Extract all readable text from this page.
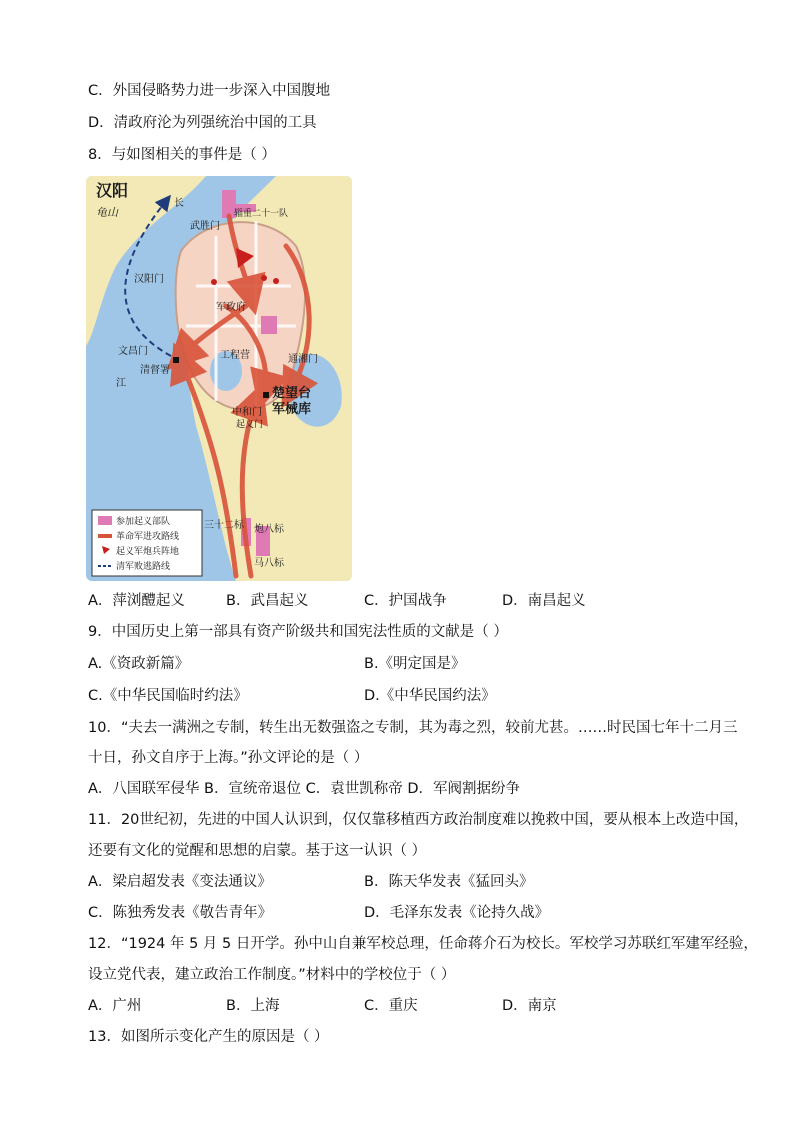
C．外国侵略势力进一步深入中国腹地
D．清政府沦为列强统治中国的工具
8．与如图相关的事件是（ ）
汉阳
龟山
长
江
辎重二十一队
武胜门
汉阳门
军政府
文昌门
清督署
工程营	通湘门
楚望台
军械库
中和门
起义门
三十二标 炮八标
马八标
参加起义部队
革命军进攻路线
起义军炮兵阵地
清军败逃路线
A．萍浏醴起义	B．武昌起义	C．护国战争	D．南昌起义
9．中国历史上第一部具有资产阶级共和国宪法性质的文献是（ ）
A.《资政新篇》	B.《明定国是》
C.《中华民国临时约法》	D.《中华民国约法》
10．“夫去一满洲之专制，转生出无数强盗之专制，其为毒之烈，较前尤甚。……时民国七年十二月三
十日，孙文自序于上海。”孙文评论的是（ ）
A．八国联军侵华 B．宣统帝退位 C．袁世凯称帝 D．军阀割据纷争
11．20世纪初，先进的中国人认识到，仅仅靠移植西方政治制度难以挽救中国，要从根本上改造中国，
还要有文化的觉醒和思想的启蒙。基于这一认识（ ）
A．梁启超发表《变法通议》	B．陈天华发表《猛回头》
C．陈独秀发表《敬告青年》	D．毛泽东发表《论持久战》
12．“1924 年 5 月 5 日开学。孙中山自兼军校总理，任命蒋介石为校长。军校学习苏联红军建军经验，
设立党代表，建立政治工作制度。”材料中的学校位于（ ）
A．广州	B．上海	C．重庆	D．南京
13．如图所示变化产生的原因是（ ）
